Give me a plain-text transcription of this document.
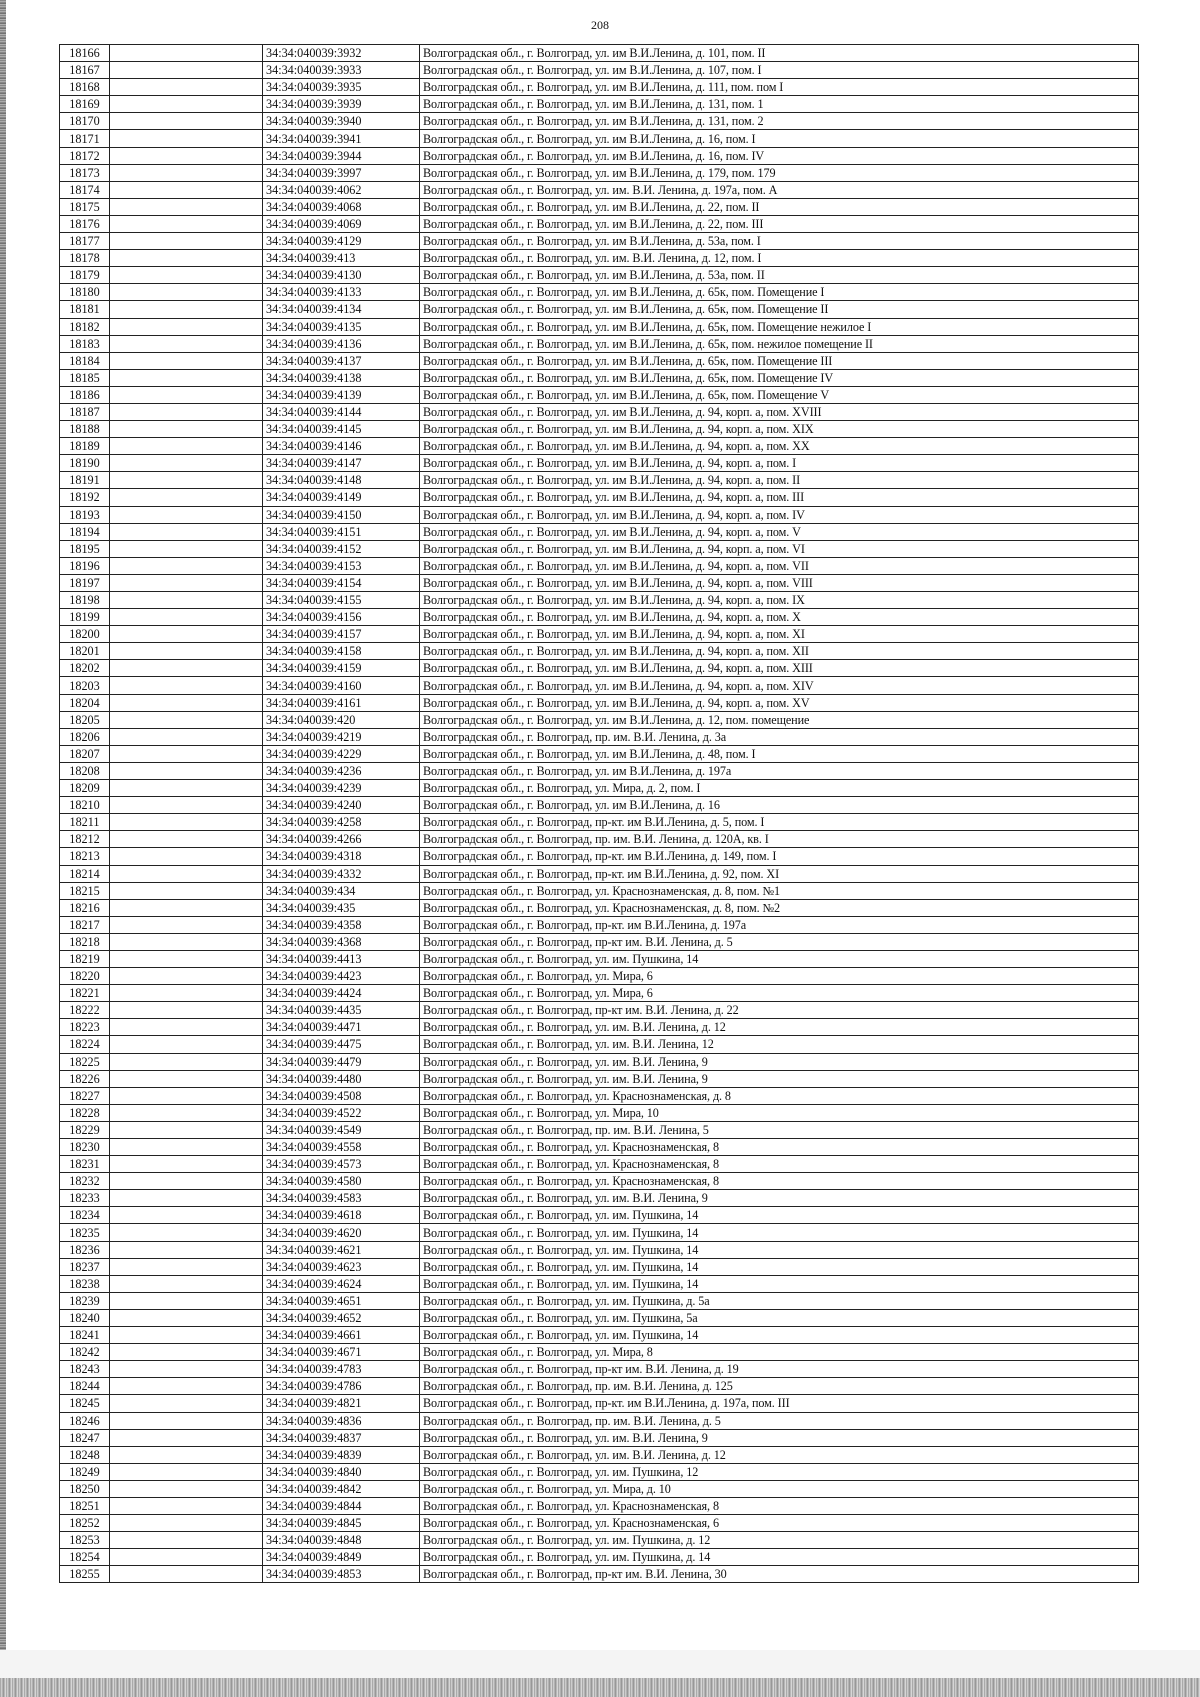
208
18166		34:34:040039:3932	Волгоградская обл., г. Волгоград, ул. им В.И.Ленина, д. 101, пом. II
18167		34:34:040039:3933	Волгоградская обл., г. Волгоград, ул. им В.И.Ленина, д. 107, пом. I
18168		34:34:040039:3935	Волгоградская обл., г. Волгоград, ул. им В.И.Ленина, д. 111, пом. пом I
18169		34:34:040039:3939	Волгоградская обл., г. Волгоград, ул. им В.И.Ленина, д. 131, пом. 1
18170		34:34:040039:3940	Волгоградская обл., г. Волгоград, ул. им В.И.Ленина, д. 131, пом. 2
18171		34:34:040039:3941	Волгоградская обл., г. Волгоград, ул. им В.И.Ленина, д. 16, пом. I
18172		34:34:040039:3944	Волгоградская обл., г. Волгоград, ул. им В.И.Ленина, д. 16, пом. IV
18173		34:34:040039:3997	Волгоградская обл., г. Волгоград, ул. им В.И.Ленина, д. 179, пом. 179
18174		34:34:040039:4062	Волгоградская обл., г. Волгоград, ул. им. В.И. Ленина, д. 197а, пом. А
18175		34:34:040039:4068	Волгоградская обл., г. Волгоград, ул. им В.И.Ленина, д. 22, пом. II
18176		34:34:040039:4069	Волгоградская обл., г. Волгоград, ул. им В.И.Ленина, д. 22, пом. III
18177		34:34:040039:4129	Волгоградская обл., г. Волгоград, ул. им В.И.Ленина, д. 53а, пом. I
18178		34:34:040039:413	Волгоградская обл., г. Волгоград, ул. им. В.И. Ленина, д. 12, пом. I
18179		34:34:040039:4130	Волгоградская обл., г. Волгоград, ул. им В.И.Ленина, д. 53а, пом. II
18180		34:34:040039:4133	Волгоградская обл., г. Волгоград, ул. им В.И.Ленина, д. 65к, пом. Помещение I
18181		34:34:040039:4134	Волгоградская обл., г. Волгоград, ул. им В.И.Ленина, д. 65к, пом. Помещение II
18182		34:34:040039:4135	Волгоградская обл., г. Волгоград, ул. им В.И.Ленина, д. 65к, пом. Помещение нежилое I
18183		34:34:040039:4136	Волгоградская обл., г. Волгоград, ул. им В.И.Ленина, д. 65к, пом. нежилое помещение II
18184		34:34:040039:4137	Волгоградская обл., г. Волгоград, ул. им В.И.Ленина, д. 65к, пом. Помещение III
18185		34:34:040039:4138	Волгоградская обл., г. Волгоград, ул. им В.И.Ленина, д. 65к, пом. Помещение IV
18186		34:34:040039:4139	Волгоградская обл., г. Волгоград, ул. им В.И.Ленина, д. 65к, пом. Помещение V
18187		34:34:040039:4144	Волгоградская обл., г. Волгоград, ул. им В.И.Ленина, д. 94, корп. а, пом. XVIII
18188		34:34:040039:4145	Волгоградская обл., г. Волгоград, ул. им В.И.Ленина, д. 94, корп. а, пом. XIX
18189		34:34:040039:4146	Волгоградская обл., г. Волгоград, ул. им В.И.Ленина, д. 94, корп. а, пом. XX
18190		34:34:040039:4147	Волгоградская обл., г. Волгоград, ул. им В.И.Ленина, д. 94, корп. а, пом. I
18191		34:34:040039:4148	Волгоградская обл., г. Волгоград, ул. им В.И.Ленина, д. 94, корп. а, пом. II
18192		34:34:040039:4149	Волгоградская обл., г. Волгоград, ул. им В.И.Ленина, д. 94, корп. а, пом. III
18193		34:34:040039:4150	Волгоградская обл., г. Волгоград, ул. им В.И.Ленина, д. 94, корп. а, пом. IV
18194		34:34:040039:4151	Волгоградская обл., г. Волгоград, ул. им В.И.Ленина, д. 94, корп. а, пом. V
18195		34:34:040039:4152	Волгоградская обл., г. Волгоград, ул. им В.И.Ленина, д. 94, корп. а, пом. VI
18196		34:34:040039:4153	Волгоградская обл., г. Волгоград, ул. им В.И.Ленина, д. 94, корп. а, пом. VII
18197		34:34:040039:4154	Волгоградская обл., г. Волгоград, ул. им В.И.Ленина, д. 94, корп. а, пом. VIII
18198		34:34:040039:4155	Волгоградская обл., г. Волгоград, ул. им В.И.Ленина, д. 94, корп. а, пом. IX
18199		34:34:040039:4156	Волгоградская обл., г. Волгоград, ул. им В.И.Ленина, д. 94, корп. а, пом. X
18200		34:34:040039:4157	Волгоградская обл., г. Волгоград, ул. им В.И.Ленина, д. 94, корп. а, пом. XI
18201		34:34:040039:4158	Волгоградская обл., г. Волгоград, ул. им В.И.Ленина, д. 94, корп. а, пом. XII
18202		34:34:040039:4159	Волгоградская обл., г. Волгоград, ул. им В.И.Ленина, д. 94, корп. а, пом. XIII
18203		34:34:040039:4160	Волгоградская обл., г. Волгоград, ул. им В.И.Ленина, д. 94, корп. а, пом. XIV
18204		34:34:040039:4161	Волгоградская обл., г. Волгоград, ул. им В.И.Ленина, д. 94, корп. а, пом. XV
18205		34:34:040039:420	Волгоградская обл., г. Волгоград, ул. им В.И.Ленина, д. 12, пом. помещение
18206		34:34:040039:4219	Волгоградская обл., г. Волгоград, пр. им. В.И. Ленина, д. 3а
18207		34:34:040039:4229	Волгоградская обл., г. Волгоград, ул. им В.И.Ленина, д. 48, пом. I
18208		34:34:040039:4236	Волгоградская обл., г. Волгоград, ул. им В.И.Ленина, д. 197а
18209		34:34:040039:4239	Волгоградская обл., г. Волгоград, ул. Мира, д. 2, пом. I
18210		34:34:040039:4240	Волгоградская обл., г. Волгоград, ул. им В.И.Ленина, д. 16
18211		34:34:040039:4258	Волгоградская обл., г. Волгоград, пр-кт. им В.И.Ленина, д. 5, пом. I
18212		34:34:040039:4266	Волгоградская обл., г. Волгоград, пр. им. В.И. Ленина, д. 120А, кв. I
18213		34:34:040039:4318	Волгоградская обл., г. Волгоград, пр-кт. им В.И.Ленина, д. 149, пом. I
18214		34:34:040039:4332	Волгоградская обл., г. Волгоград, пр-кт. им В.И.Ленина, д. 92, пом. XI
18215		34:34:040039:434	Волгоградская обл., г. Волгоград, ул. Краснознаменская, д. 8, пом. №1
18216		34:34:040039:435	Волгоградская обл., г. Волгоград, ул. Краснознаменская, д. 8, пом. №2
18217		34:34:040039:4358	Волгоградская обл., г. Волгоград, пр-кт. им В.И.Ленина, д. 197а
18218		34:34:040039:4368	Волгоградская обл., г. Волгоград, пр-кт им. В.И. Ленина, д. 5
18219		34:34:040039:4413	Волгоградская обл., г. Волгоград, ул. им. Пушкина, 14
18220		34:34:040039:4423	Волгоградская обл., г. Волгоград, ул. Мира, 6
18221		34:34:040039:4424	Волгоградская обл., г. Волгоград, ул. Мира, 6
18222		34:34:040039:4435	Волгоградская обл., г. Волгоград, пр-кт им. В.И. Ленина, д. 22
18223		34:34:040039:4471	Волгоградская обл., г. Волгоград, ул. им. В.И. Ленина, д. 12
18224		34:34:040039:4475	Волгоградская обл., г. Волгоград, ул. им. В.И. Ленина, 12
18225		34:34:040039:4479	Волгоградская обл., г. Волгоград, ул. им. В.И. Ленина, 9
18226		34:34:040039:4480	Волгоградская обл., г. Волгоград, ул. им. В.И. Ленина, 9
18227		34:34:040039:4508	Волгоградская обл., г. Волгоград, ул. Краснознаменская, д. 8
18228		34:34:040039:4522	Волгоградская обл., г. Волгоград, ул. Мира, 10
18229		34:34:040039:4549	Волгоградская обл., г. Волгоград, пр. им. В.И. Ленина, 5
18230		34:34:040039:4558	Волгоградская обл., г. Волгоград, ул. Краснознаменская, 8
18231		34:34:040039:4573	Волгоградская обл., г. Волгоград, ул. Краснознаменская, 8
18232		34:34:040039:4580	Волгоградская обл., г. Волгоград, ул. Краснознаменская, 8
18233		34:34:040039:4583	Волгоградская обл., г. Волгоград, ул. им. В.И. Ленина, 9
18234		34:34:040039:4618	Волгоградская обл., г. Волгоград, ул. им. Пушкина, 14
18235		34:34:040039:4620	Волгоградская обл., г. Волгоград, ул. им. Пушкина, 14
18236		34:34:040039:4621	Волгоградская обл., г. Волгоград, ул. им. Пушкина, 14
18237		34:34:040039:4623	Волгоградская обл., г. Волгоград, ул. им. Пушкина, 14
18238		34:34:040039:4624	Волгоградская обл., г. Волгоград, ул. им. Пушкина, 14
18239		34:34:040039:4651	Волгоградская обл., г. Волгоград, ул. им. Пушкина, д. 5а
18240		34:34:040039:4652	Волгоградская обл., г. Волгоград, ул. им. Пушкина, 5а
18241		34:34:040039:4661	Волгоградская обл., г. Волгоград, ул. им. Пушкина, 14
18242		34:34:040039:4671	Волгоградская обл., г. Волгоград, ул. Мира, 8
18243		34:34:040039:4783	Волгоградская обл., г. Волгоград, пр-кт им. В.И. Ленина, д. 19
18244		34:34:040039:4786	Волгоградская обл., г. Волгоград, пр. им. В.И. Ленина, д. 125
18245		34:34:040039:4821	Волгоградская обл., г. Волгоград, пр-кт. им В.И.Ленина, д. 197а, пом. III
18246		34:34:040039:4836	Волгоградская обл., г. Волгоград, пр. им. В.И. Ленина, д. 5
18247		34:34:040039:4837	Волгоградская обл., г. Волгоград, ул. им. В.И. Ленина, 9
18248		34:34:040039:4839	Волгоградская обл., г. Волгоград, ул. им. В.И. Ленина, д. 12
18249		34:34:040039:4840	Волгоградская обл., г. Волгоград, ул. им. Пушкина, 12
18250		34:34:040039:4842	Волгоградская обл., г. Волгоград, ул. Мира, д. 10
18251		34:34:040039:4844	Волгоградская обл., г. Волгоград, ул. Краснознаменская, 8
18252		34:34:040039:4845	Волгоградская обл., г. Волгоград, ул. Краснознаменская, 6
18253		34:34:040039:4848	Волгоградская обл., г. Волгоград, ул. им. Пушкина, д. 12
18254		34:34:040039:4849	Волгоградская обл., г. Волгоград, ул. им. Пушкина, д. 14
18255		34:34:040039:4853	Волгоградская обл., г. Волгоград, пр-кт им. В.И. Ленина, 30
